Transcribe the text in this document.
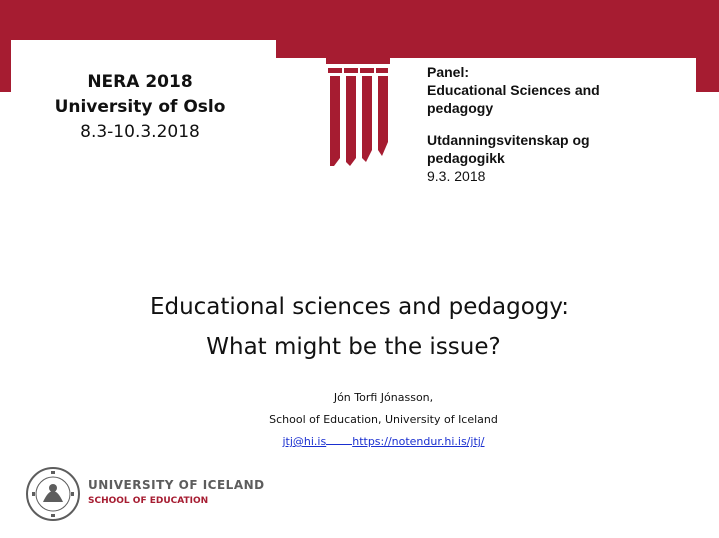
NERA 2018
University of Oslo
8.3-10.3.2018
Panel:
Educational Sciences and pedagogy
Utdanningsvitenskap og pedagogikk
9.3. 2018
Educational sciences and pedagogy:
What might be the issue?
Jón Torfi Jónasson,
School of Education, University of Iceland
jtj@hi.is https://notendur.hi.is/jtj/
UNIVERSITY OF ICELAND
SCHOOL OF EDUCATION
